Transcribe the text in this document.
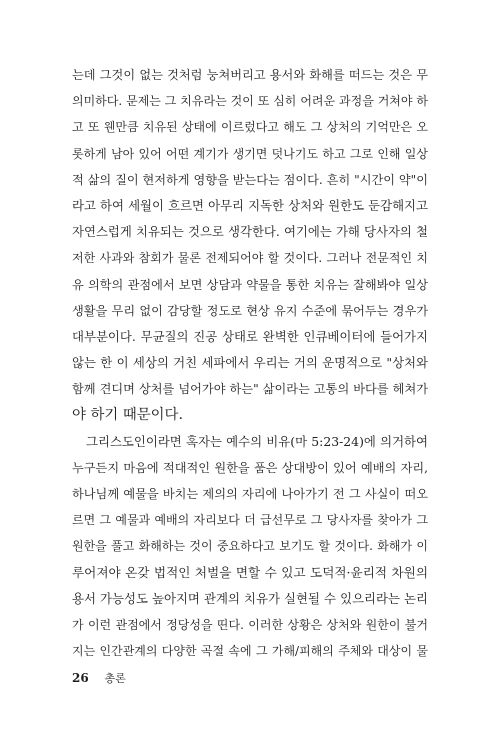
는데 그것이 없는 것처럼 눙쳐버리고 용서와 화해를 떠드는 것은 무
의미하다. 문제는 그 치유라는 것이 또 심히 어려운 과정을 거쳐야 하
고 또 웬만큼 치유된 상태에 이르렀다고 해도 그 상처의 기억만은 오
롯하게 남아 있어 어떤 계기가 생기면 덧나기도 하고 그로 인해 일상
적 삶의 질이 현저하게 영향을 받는다는 점이다. 흔히 "시간이 약"이
라고 하여 세월이 흐르면 아무리 지독한 상처와 원한도 둔감해지고
자연스럽게 치유되는 것으로 생각한다. 여기에는 가해 당사자의 철
저한 사과와 참회가 물론 전제되어야 할 것이다. 그러나 전문적인 치
유 의학의 관점에서 보면 상담과 약물을 통한 치유는 잘해봐야 일상
생활을 무리 없이 감당할 정도로 현상 유지 수준에 묶어두는 경우가
대부분이다. 무균질의 진공 상태로 완벽한 인큐베이터에 들어가지
않는 한 이 세상의 거친 세파에서 우리는 거의 운명적으로 "상처와
함께 견디며 상처를 넘어가야 하는" 삶이라는 고통의 바다를 헤쳐가
야 하기 때문이다.
그리스도인이라면 혹자는 예수의 비유(마 5:23-24)에 의거하여
누구든지 마음에 적대적인 원한을 품은 상대방이 있어 예배의 자리,
하나님께 예물을 바치는 제의의 자리에 나아가기 전 그 사실이 떠오
르면 그 예물과 예배의 자리보다 더 급선무로 그 당사자를 찾아가 그
원한을 풀고 화해하는 것이 중요하다고 보기도 할 것이다. 화해가 이
루어져야 온갖 법적인 처벌을 면할 수 있고 도덕적·윤리적 차원의
용서 가능성도 높아지며 관계의 치유가 실현될 수 있으리라는 논리
가 이런 관점에서 정당성을 띤다. 이러한 상황은 상처와 원한이 불거
지는 인간관계의 다양한 곡절 속에 그 가해/피해의 주체와 대상이 물
26 총론
